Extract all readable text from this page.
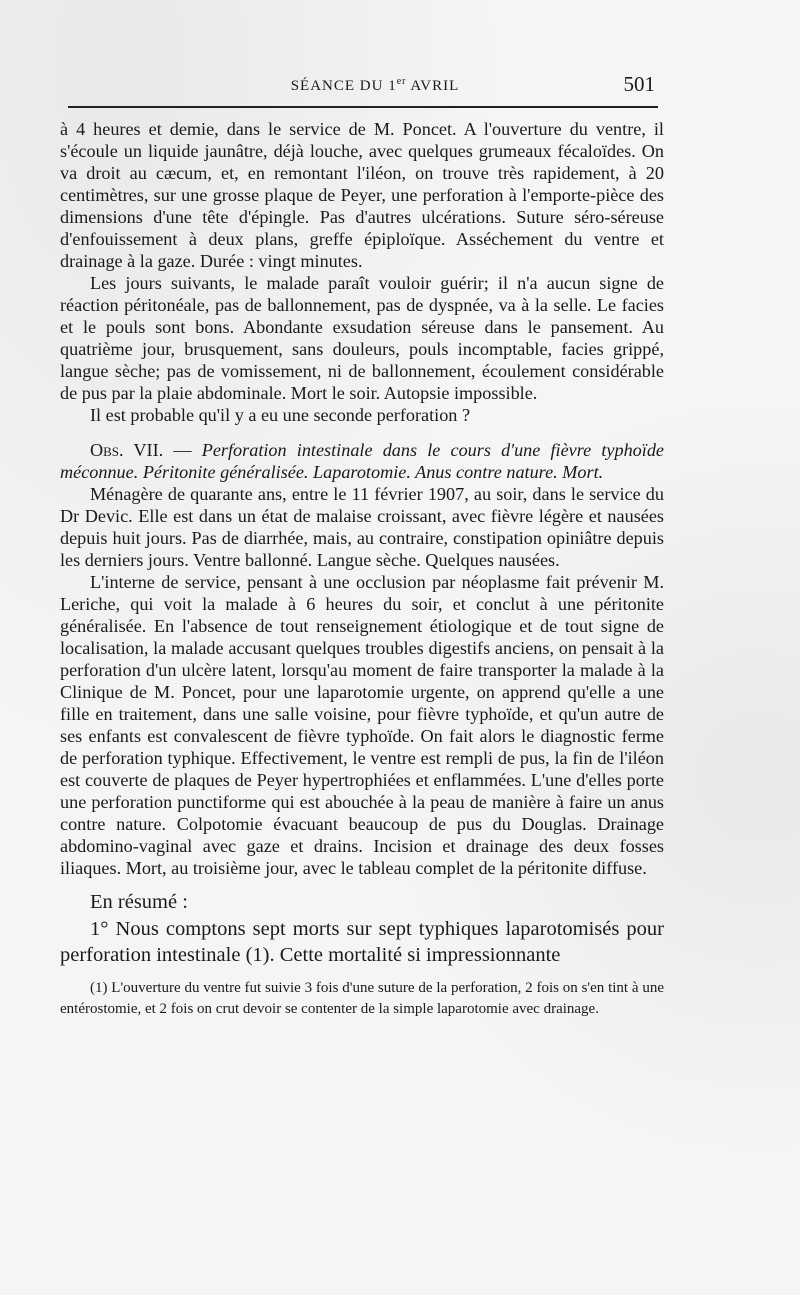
SÉANCE DU 1er AVRIL	501

à 4 heures et demie, dans le service de M. Poncet. A l'ouverture du ventre, il s'écoule un liquide jaunâtre, déjà louche, avec quelques grumeaux fécaloïdes. On va droit au cæcum, et, en remontant l'iléon, on trouve très rapidement, à 20 centimètres, sur une grosse plaque de Peyer, une perforation à l'emporte-pièce des dimensions d'une tête d'épingle. Pas d'autres ulcérations. Suture séro-séreuse d'enfouissement à deux plans, greffe épiploïque. Asséchement du ventre et drainage à la gaze. Durée : vingt minutes.

Les jours suivants, le malade paraît vouloir guérir; il n'a aucun signe de réaction péritonéale, pas de ballonnement, pas de dyspnée, va à la selle. Le facies et le pouls sont bons. Abondante exsudation séreuse dans le pansement. Au quatrième jour, brusquement, sans douleurs, pouls incomptable, facies grippé, langue sèche; pas de vomissement, ni de ballonnement, écoulement considérable de pus par la plaie abdominale. Mort le soir. Autopsie impossible.

Il est probable qu'il y a eu une seconde perforation ?

Obs. VII. — Perforation intestinale dans le cours d'une fièvre typhoïde méconnue. Péritonite généralisée. Laparotomie. Anus contre nature. Mort.

Ménagère de quarante ans, entre le 11 février 1907, au soir, dans le service du Dr Devic. Elle est dans un état de malaise croissant, avec fièvre légère et nausées depuis huit jours. Pas de diarrhée, mais, au contraire, constipation opiniâtre depuis les derniers jours. Ventre ballonné. Langue sèche. Quelques nausées.

L'interne de service, pensant à une occlusion par néoplasme fait prévenir M. Leriche, qui voit la malade à 6 heures du soir, et conclut à une péritonite généralisée. En l'absence de tout renseignement étiologique et de tout signe de localisation, la malade accusant quelques troubles digestifs anciens, on pensait à la perforation d'un ulcère latent, lorsqu'au moment de faire transporter la malade à la Clinique de M. Poncet, pour une laparotomie urgente, on apprend qu'elle a une fille en traitement, dans une salle voisine, pour fièvre typhoïde, et qu'un autre de ses enfants est convalescent de fièvre typhoïde. On fait alors le diagnostic ferme de perforation typhique. Effectivement, le ventre est rempli de pus, la fin de l'iléon est couverte de plaques de Peyer hypertrophiées et enflammées. L'une d'elles porte une perforation punctiforme qui est abouchée à la peau de manière à faire un anus contre nature. Colpotomie évacuant beaucoup de pus du Douglas. Drainage abdomino-vaginal avec gaze et drains. Incision et drainage des deux fosses iliaques. Mort, au troisième jour, avec le tableau complet de la péritonite diffuse.

En résumé :

1° Nous comptons sept morts sur sept typhiques laparotomisés pour perforation intestinale (1). Cette mortalité si impressionnante

(1) L'ouverture du ventre fut suivie 3 fois d'une suture de la perforation, 2 fois on s'en tint à une entérostomie, et 2 fois on crut devoir se contenter de la simple laparotomie avec drainage.
